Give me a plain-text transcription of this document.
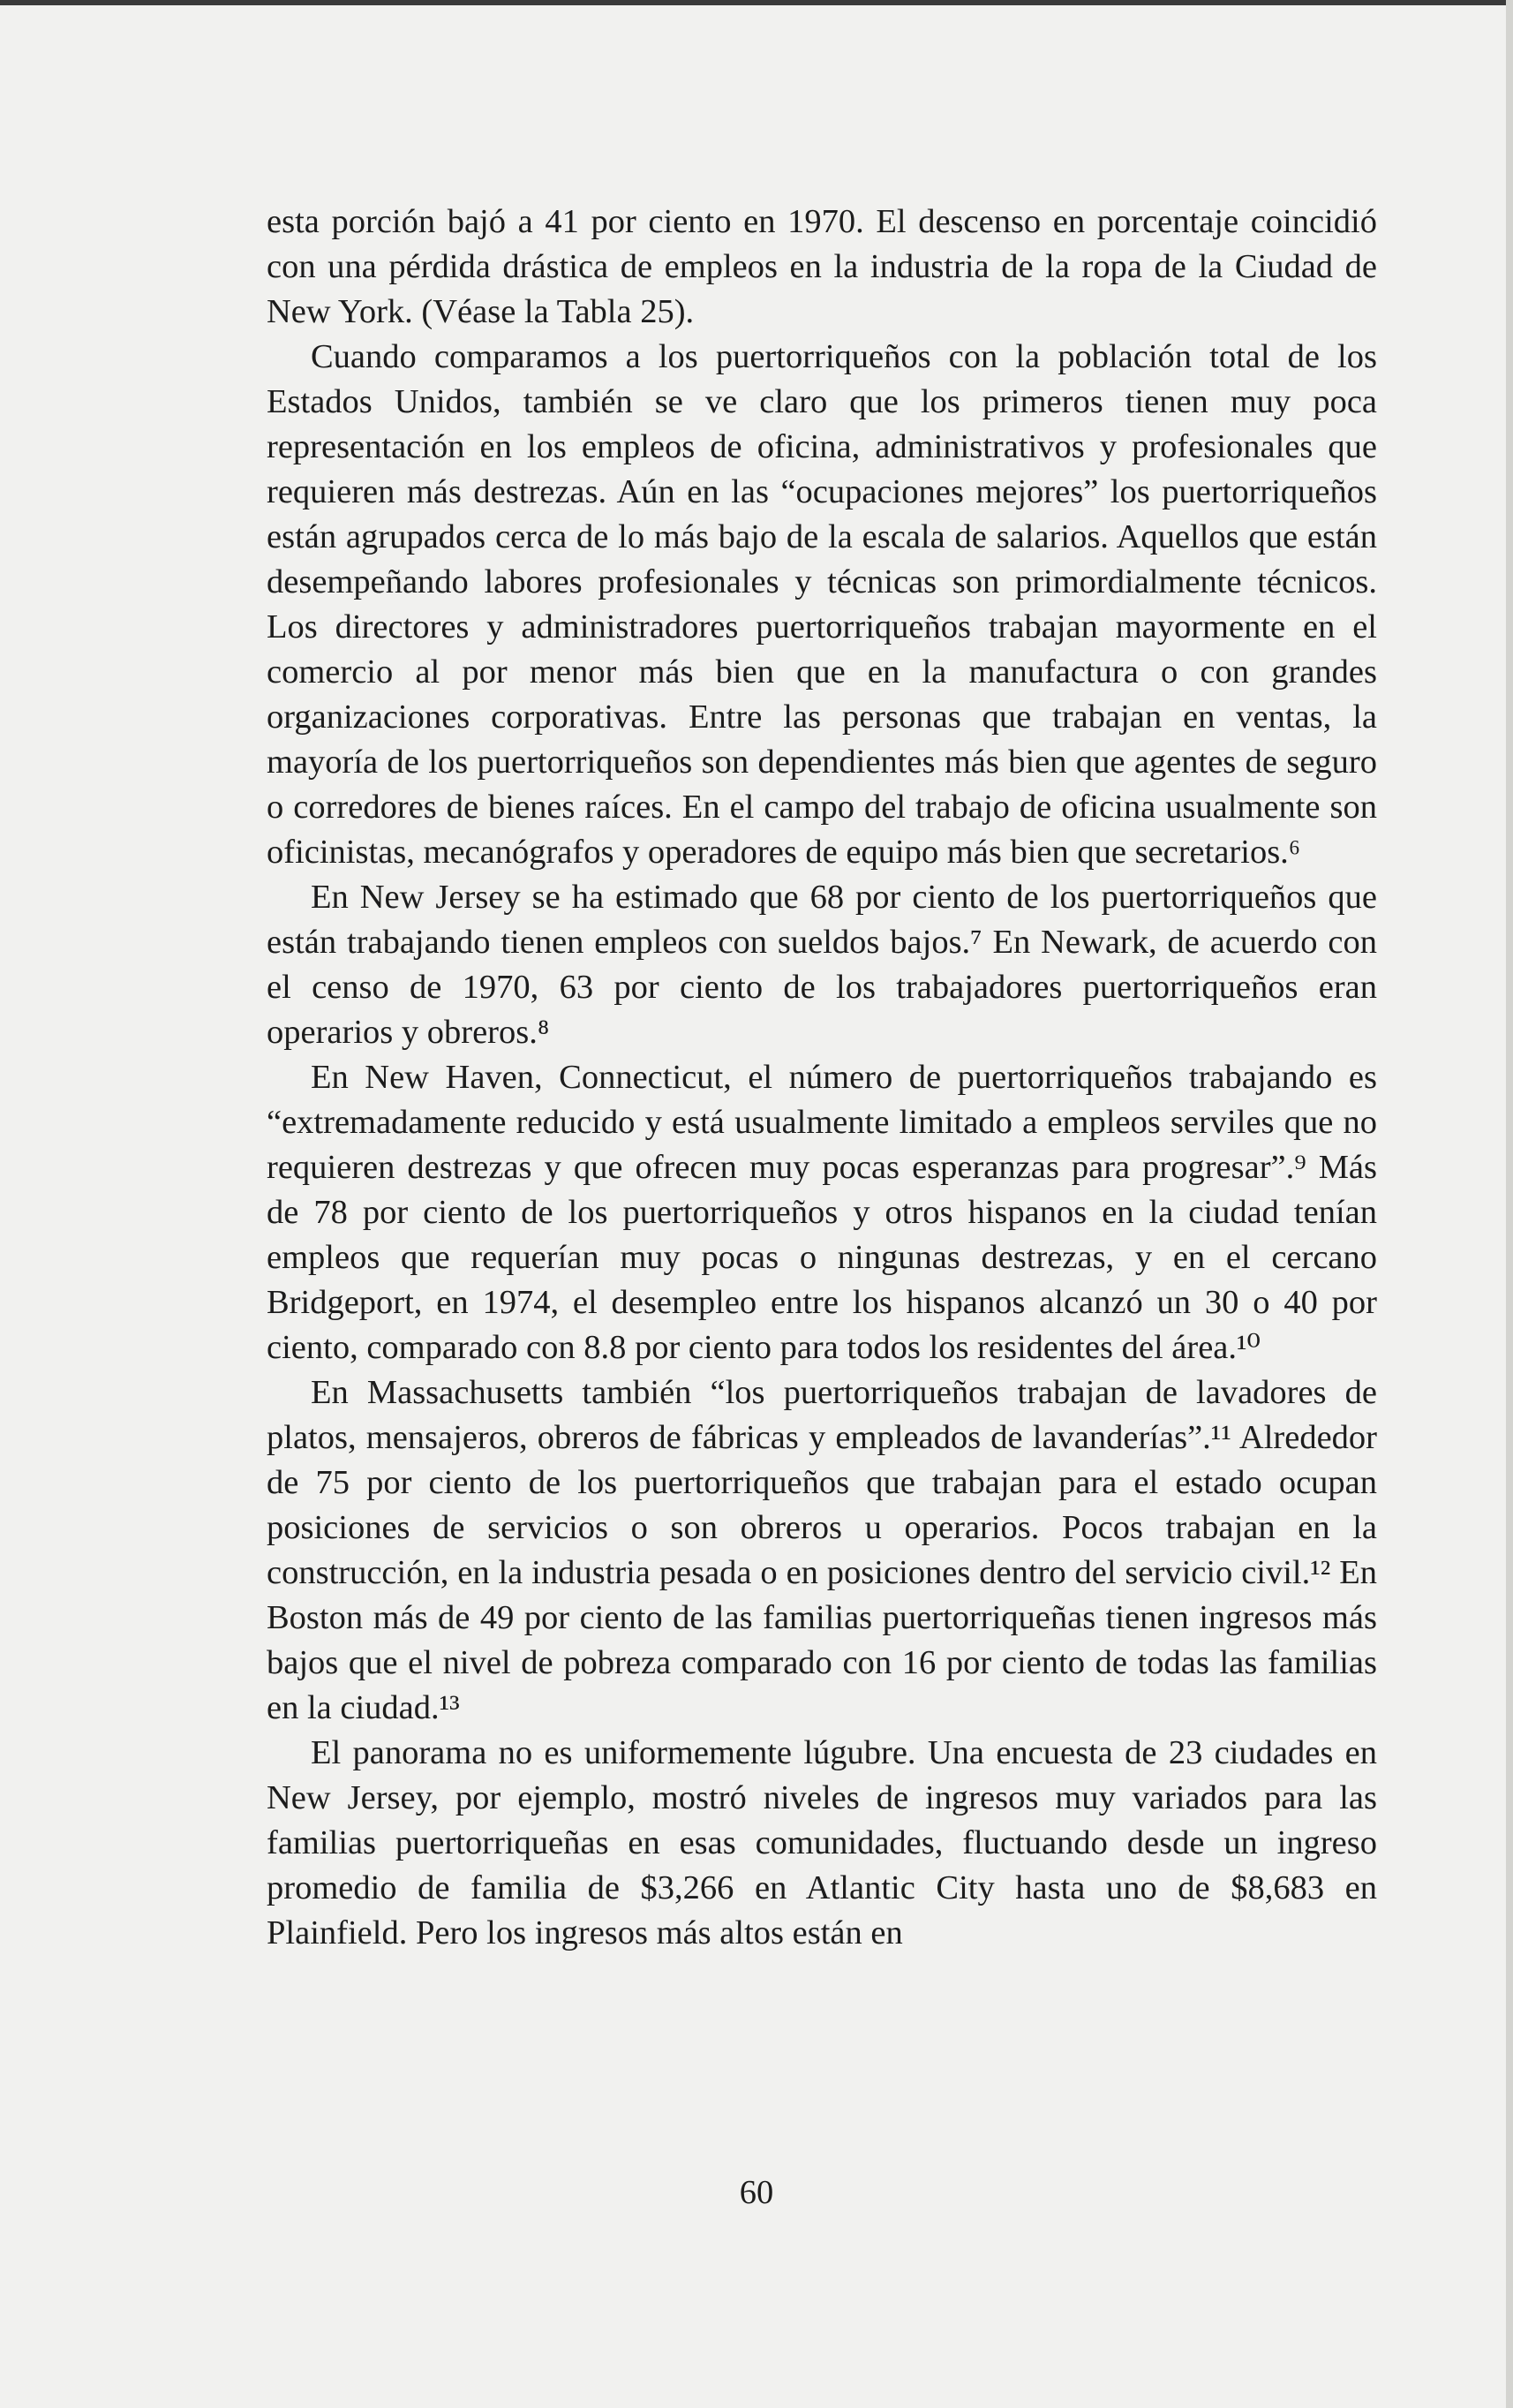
esta porción bajó a 41 por ciento en 1970. El descenso en porcentaje coincidió con una pérdida drástica de empleos en la industria de la ropa de la Ciudad de New York. (Véase la Tabla 25).

Cuando comparamos a los puertorriqueños con la población total de los Estados Unidos, también se ve claro que los primeros tienen muy poca representación en los empleos de oficina, administrativos y profesionales que requieren más destrezas. Aún en las “ocupaciones mejores” los puertorriqueños están agrupados cerca de lo más bajo de la escala de salarios. Aquellos que están desempeñando labores profesionales y técnicas son primordialmente técnicos. Los directores y administradores puertorriqueños trabajan mayormente en el comercio al por menor más bien que en la manufactura o con grandes organizaciones corporativas. Entre las personas que trabajan en ventas, la mayoría de los puertorriqueños son dependientes más bien que agentes de seguro o corredores de bienes raíces. En el campo del trabajo de oficina usualmente son oficinistas, mecanógrafos y operadores de equipo más bien que secretarios.⁶

En New Jersey se ha estimado que 68 por ciento de los puertorriqueños que están trabajando tienen empleos con sueldos bajos.⁷ En Newark, de acuerdo con el censo de 1970, 63 por ciento de los trabajadores puertorriqueños eran operarios y obreros.⁸

En New Haven, Connecticut, el número de puertorriqueños trabajando es “extremadamente reducido y está usualmente limitado a empleos serviles que no requieren destrezas y que ofrecen muy pocas esperanzas para progresar”.⁹ Más de 78 por ciento de los puertorriqueños y otros hispanos en la ciudad tenían empleos que requerían muy pocas o ningunas destrezas, y en el cercano Bridgeport, en 1974, el desempleo entre los hispanos alcanzó un 30 o 40 por ciento, comparado con 8.8 por ciento para todos los residentes del área.¹⁰

En Massachusetts también “los puertorriqueños trabajan de lavadores de platos, mensajeros, obreros de fábricas y empleados de lavanderías”.¹¹ Alrededor de 75 por ciento de los puertorriqueños que trabajan para el estado ocupan posiciones de servicios o son obreros u operarios. Pocos trabajan en la construcción, en la industria pesada o en posiciones dentro del servicio civil.¹² En Boston más de 49 por ciento de las familias puertorriqueñas tienen ingresos más bajos que el nivel de pobreza comparado con 16 por ciento de todas las familias en la ciudad.¹³

El panorama no es uniformemente lúgubre. Una encuesta de 23 ciudades en New Jersey, por ejemplo, mostró niveles de ingresos muy variados para las familias puertorriqueñas en esas comunidades, fluctuando desde un ingreso promedio de familia de $3,266 en Atlantic City hasta uno de $8,683 en Plainfield. Pero los ingresos más altos están en

60
